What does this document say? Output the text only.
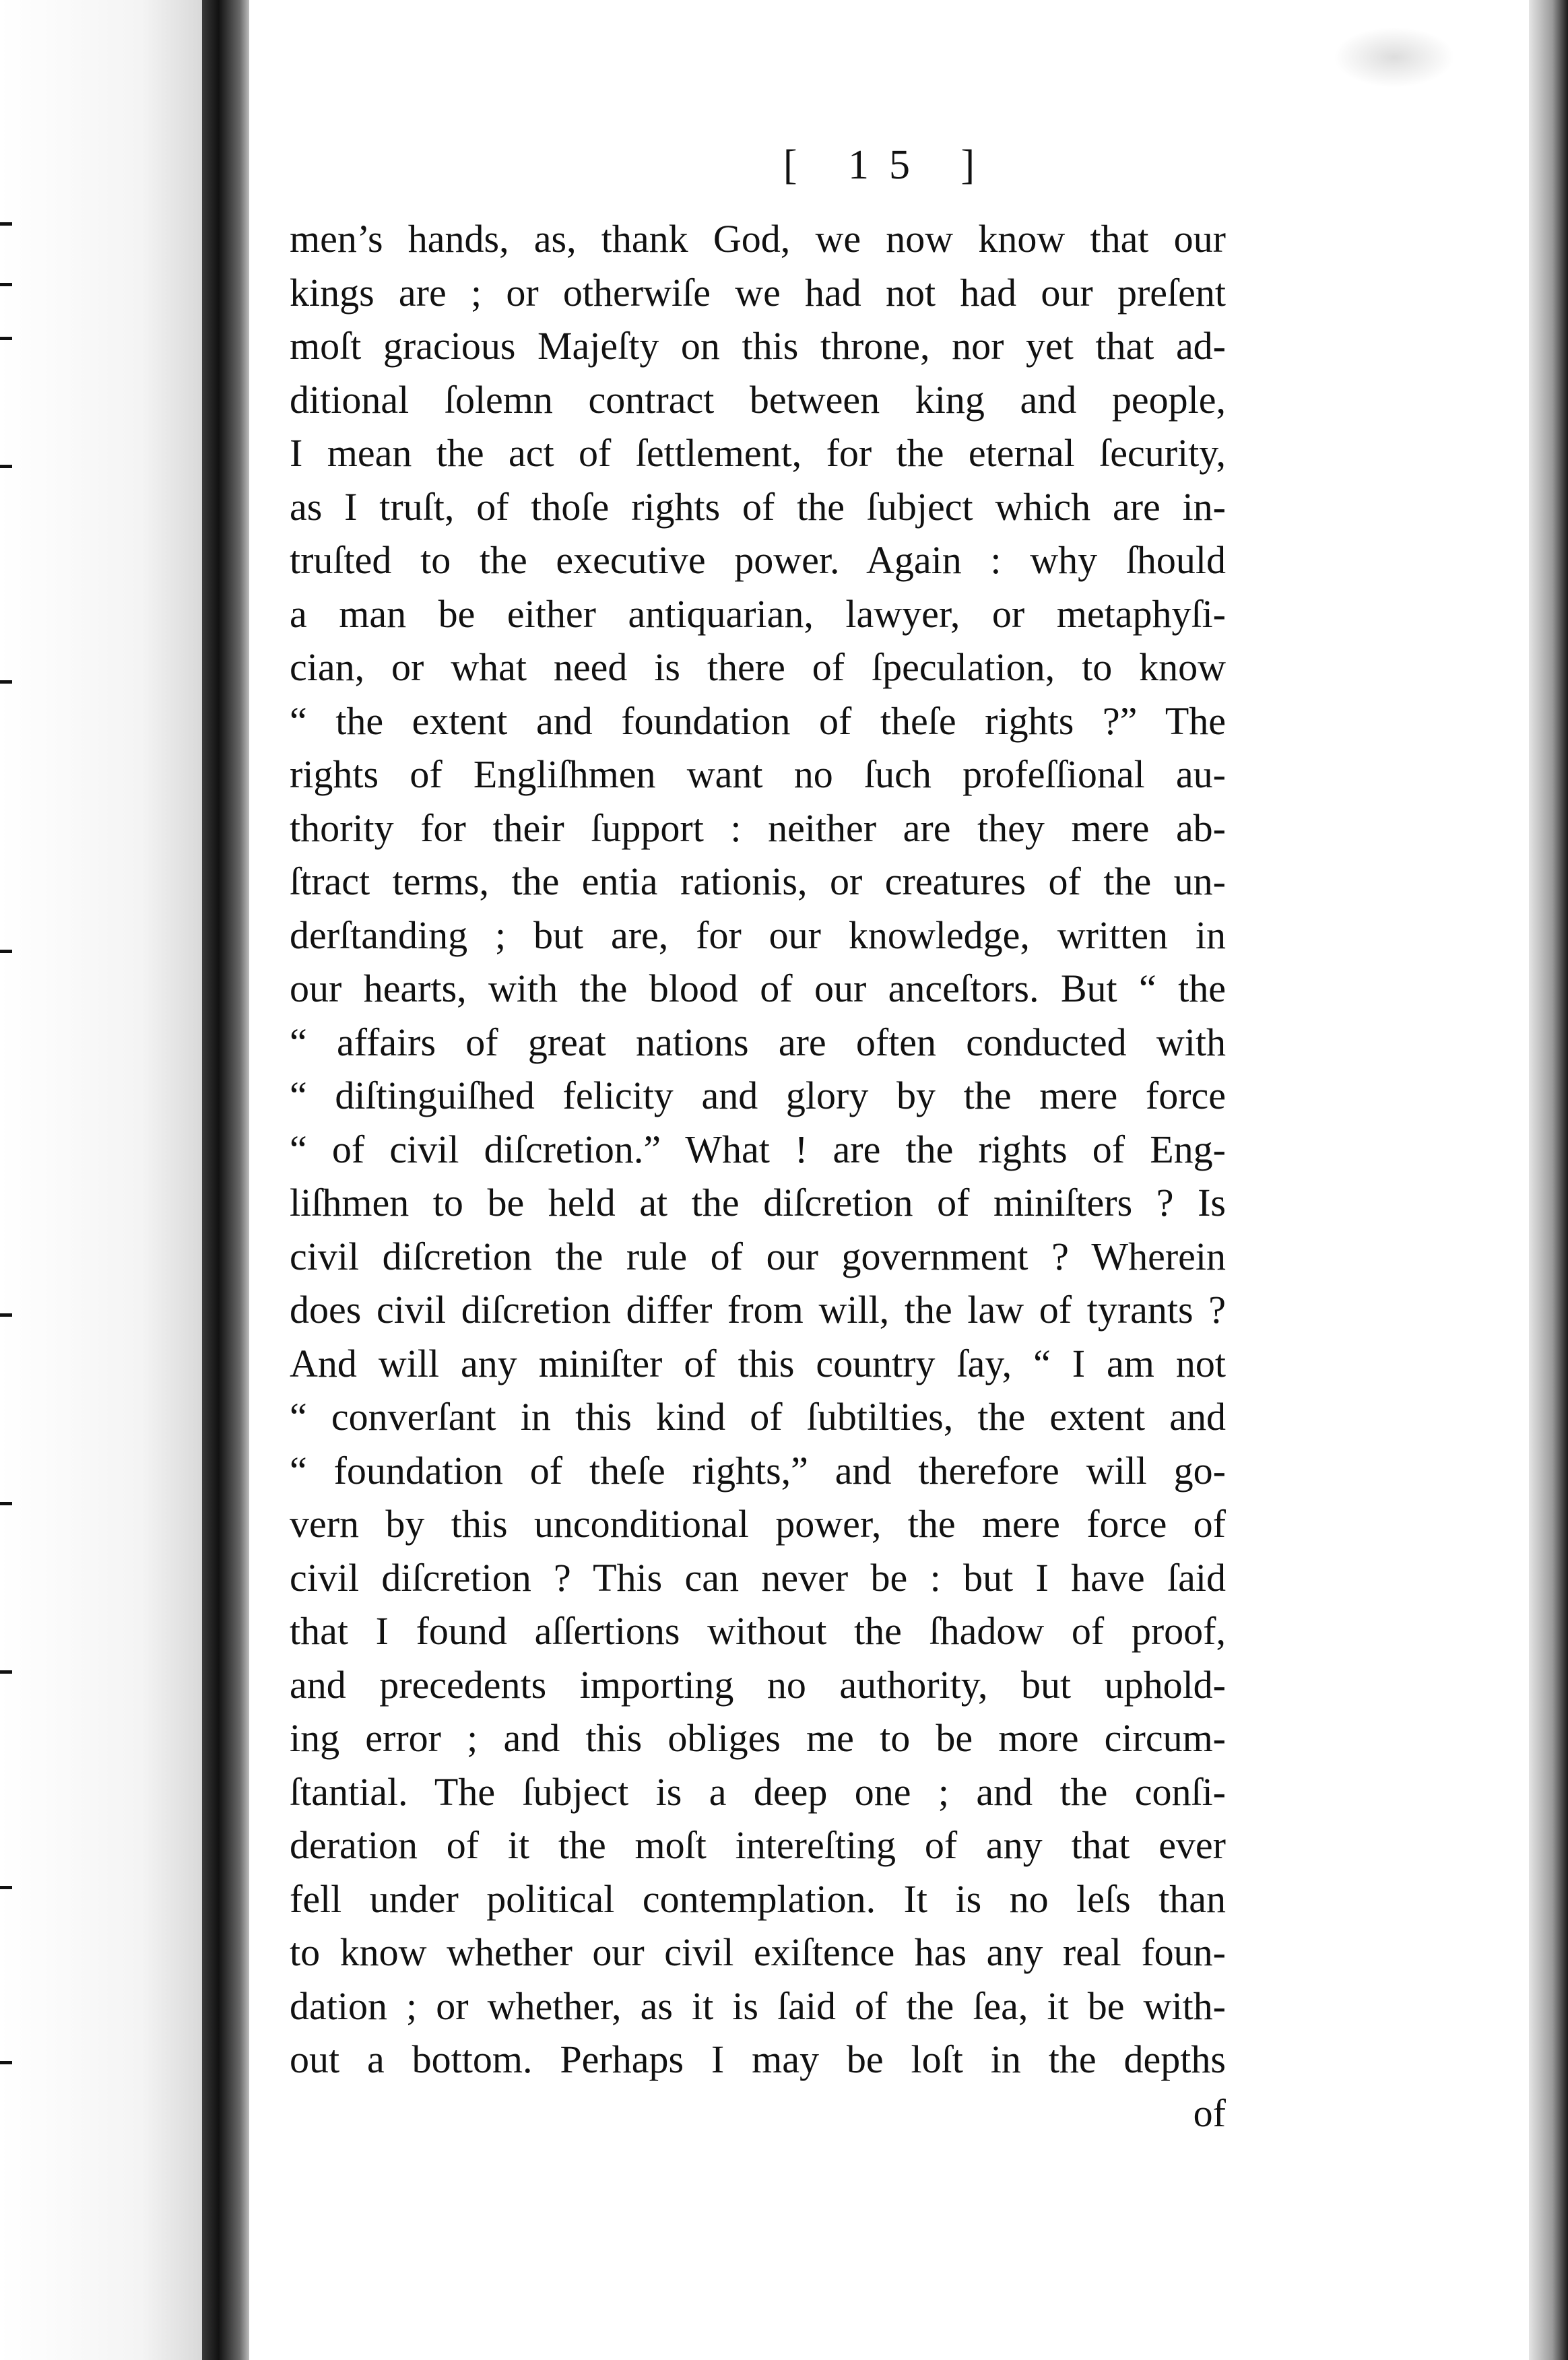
[ 15 ]
men’s hands, as, thank God, we now know that our
kings are ; or otherwiſe we had not had our preſent
moſt gracious Majeſty on this throne, nor yet that ad-
ditional ſolemn contract between king and people,
I mean the act of ſettlement, for the eternal ſecurity,
as I truſt, of thoſe rights of the ſubject which are in-
truſted to the executive power. Again : why ſhould
a man be either antiquarian, lawyer, or metaphyſi-
cian, or what need is there of ſpeculation, to know
“ the extent and foundation of theſe rights ?” The
rights of Engliſhmen want no ſuch profeſſional au-
thority for their ſupport : neither are they mere ab-
ſtract terms, the entia rationis, or creatures of the un-
derſtanding ; but are, for our knowledge, written in
our hearts, with the blood of our anceſtors. But “ the
“ affairs of great nations are often conducted with
“ diſtinguiſhed felicity and glory by the mere force
“ of civil diſcretion.” What ! are the rights of Eng-
liſhmen to be held at the diſcretion of miniſters ? Is
civil diſcretion the rule of our government ? Wherein
does civil diſcretion differ from will, the law of tyrants ?
And will any miniſter of this country ſay, “ I am not
“ converſant in this kind of ſubtilties, the extent and
“ foundation of theſe rights,” and therefore will go-
vern by this unconditional power, the mere force of
civil diſcretion ? This can never be : but I have ſaid
that I found aſſertions without the ſhadow of proof,
and precedents importing no authority, but uphold-
ing error ; and this obliges me to be more circum-
ſtantial. The ſubject is a deep one ; and the conſi-
deration of it the moſt intereſting of any that ever
fell under political contemplation. It is no leſs than
to know whether our civil exiſtence has any real foun-
dation ; or whether, as it is ſaid of the ſea, it be with-
out a bottom. Perhaps I may be loſt in the depths
of
